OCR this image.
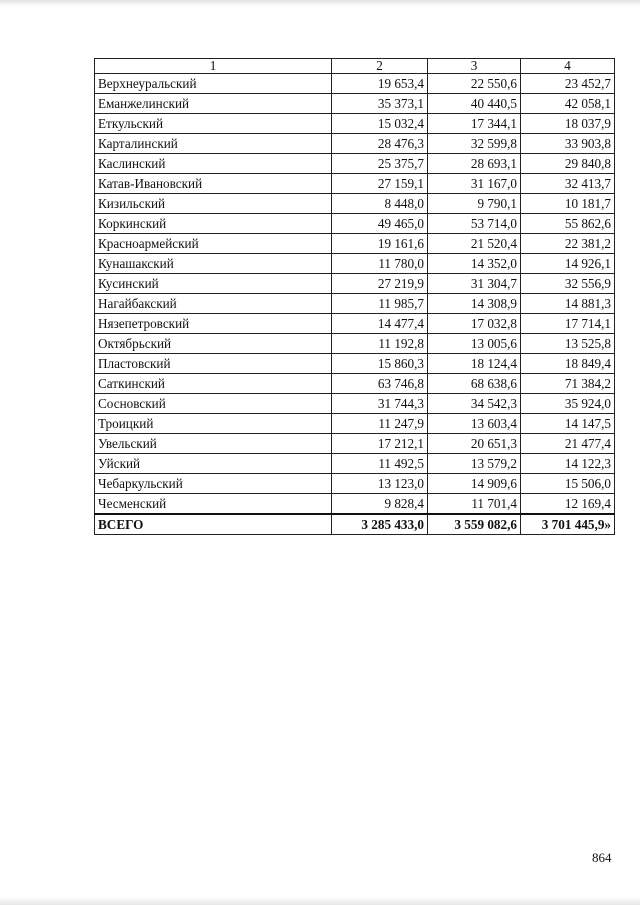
1	2	3	4
Верхнеуральский	19 653,4	22 550,6	23 452,7
Еманжелинский	35 373,1	40 440,5	42 058,1
Еткульский	15 032,4	17 344,1	18 037,9
Карталинский	28 476,3	32 599,8	33 903,8
Каслинский	25 375,7	28 693,1	29 840,8
Катав-Ивановский	27 159,1	31 167,0	32 413,7
Кизильский	8 448,0	9 790,1	10 181,7
Коркинский	49 465,0	53 714,0	55 862,6
Красноармейский	19 161,6	21 520,4	22 381,2
Кунашакский	11 780,0	14 352,0	14 926,1
Кусинский	27 219,9	31 304,7	32 556,9
Нагайбакский	11 985,7	14 308,9	14 881,3
Нязепетровский	14 477,4	17 032,8	17 714,1
Октябрьский	11 192,8	13 005,6	13 525,8
Пластовский	15 860,3	18 124,4	18 849,4
Саткинский	63 746,8	68 638,6	71 384,2
Сосновский	31 744,3	34 542,3	35 924,0
Троицкий	11 247,9	13 603,4	14 147,5
Увельский	17 212,1	20 651,3	21 477,4
Уйский	11 492,5	13 579,2	14 122,3
Чебаркульский	13 123,0	14 909,6	15 506,0
Чесменский	9 828,4	11 701,4	12 169,4
ВСЕГО	3 285 433,0	3 559 082,6	3 701 445,9»
864
